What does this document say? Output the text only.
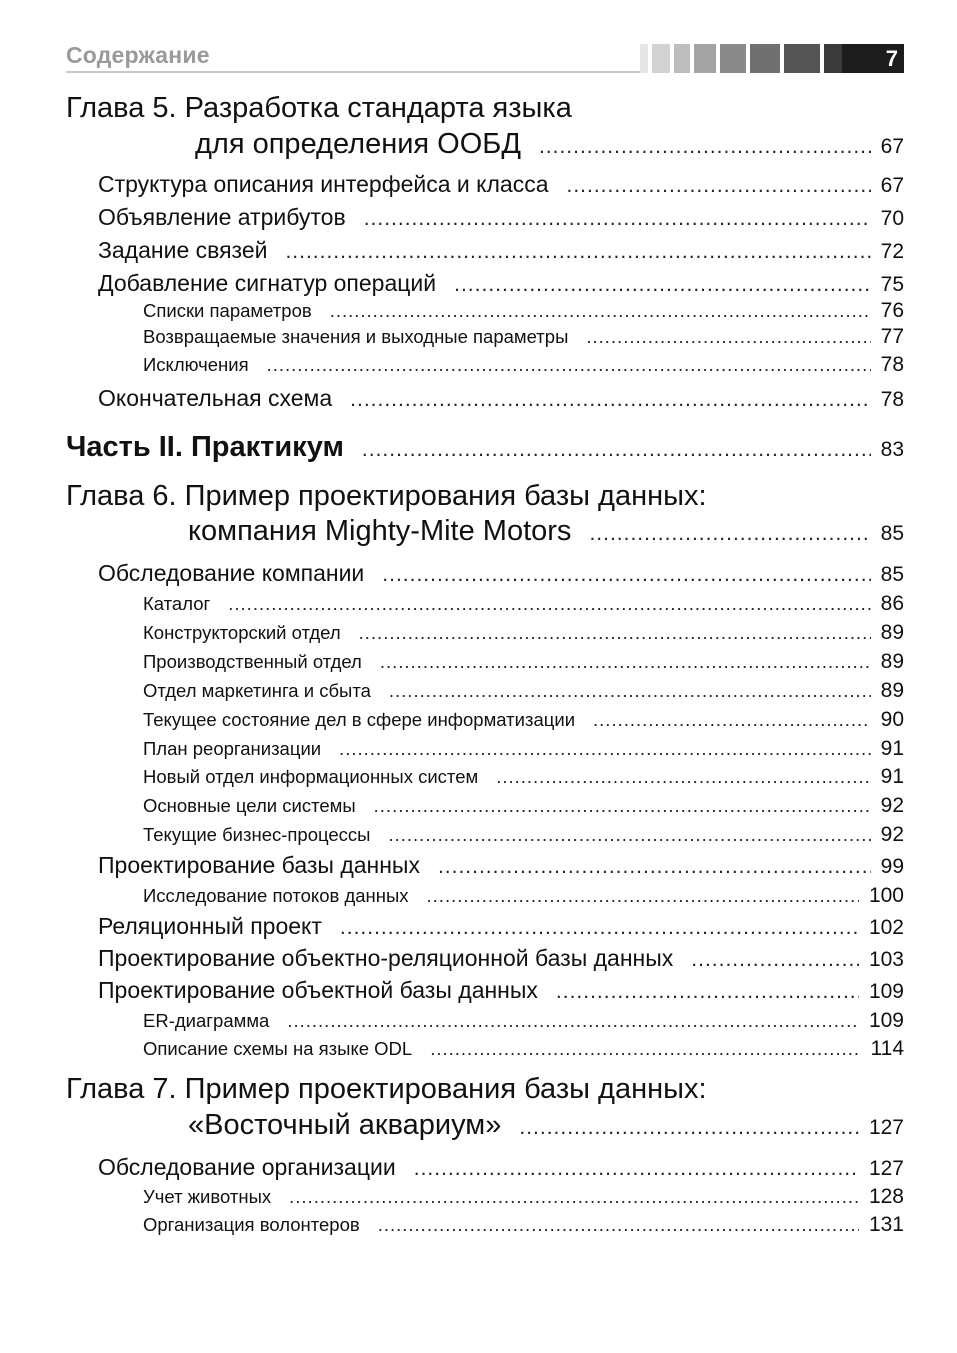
Содержание	7
Глава 5. Разработка стандарта языка
для определения ООБД .....	67
Структура описания интерфейса и класса .....	67
Объявление атрибутов .....	70
Задание связей .....	72
Добавление сигнатур операций .....	75
Списки параметров .....	76
Возвращаемые значения и выходные параметры .....	77
Исключения .....	78
Окончательная схема .....	78
Часть II. Практикум .....	83
Глава 6. Пример проектирования базы данных:
компания Mighty-Mite Motors .....	85
Обследование компании .....	85
Каталог .....	86
Конструкторский отдел .....	89
Производственный отдел .....	89
Отдел маркетинга и сбыта .....	89
Текущее состояние дел в сфере информатизации .....	90
План реорганизации .....	91
Новый отдел информационных систем .....	91
Основные цели системы .....	92
Текущие бизнес-процессы .....	92
Проектирование базы данных .....	99
Исследование потоков данных .....	100
Реляционный проект .....	102
Проектирование объектно-реляционной базы данных .....	103
Проектирование объектной базы данных .....	109
ER-диаграмма .....	109
Описание схемы на языке ODL .....	114
Глава 7. Пример проектирования базы данных:
«Восточный аквариум» .....	127
Обследование организации .....	127
Учет животных .....	128
Организация волонтеров .....	131
